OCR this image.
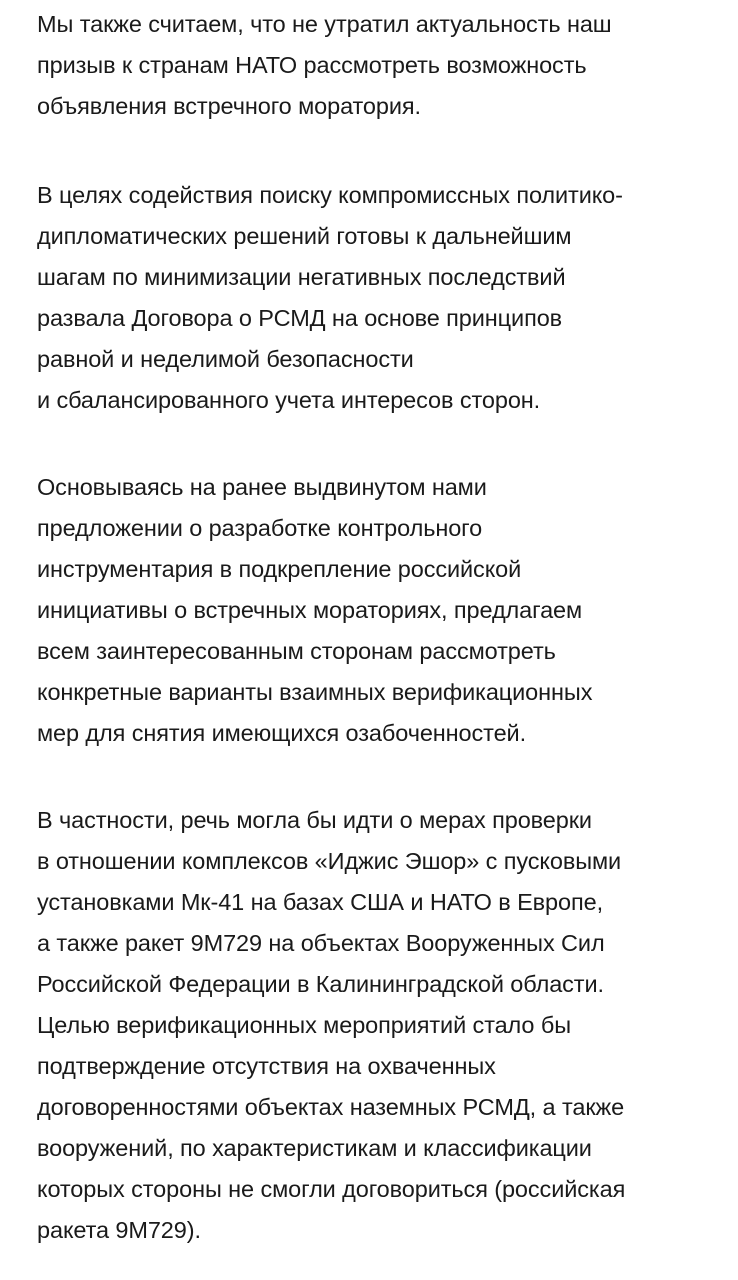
Мы также считаем, что не утратил актуальность наш
призыв к странам НАТО рассмотреть возможность
объявления встречного моратория.
В целях содействия поиску компромиссных политико-
дипломатических решений готовы к дальнейшим
шагам по минимизации негативных последствий
развала Договора о РСМД на основе принципов
равной и неделимой безопасности
и сбалансированного учета интересов сторон.
Основываясь на ранее выдвинутом нами
предложении о разработке контрольного
инструментария в подкрепление российской
инициативы о встречных мораториях, предлагаем
всем заинтересованным сторонам рассмотреть
конкретные варианты взаимных верификационных
мер для снятия имеющихся озабоченностей.
В частности, речь могла бы идти о мерах проверки
в отношении комплексов «Иджис Эшор» с пусковыми
установками Мк-41 на базах США и НАТО в Европе,
а также ракет 9М729 на объектах Вооруженных Сил
Российской Федерации в Калининградской области.
Целью верификационных мероприятий стало бы
подтверждение отсутствия на охваченных
договоренностями объектах наземных РСМД, а также
вооружений, по характеристикам и классификации
которых стороны не смогли договориться (российская
ракета 9М729).
